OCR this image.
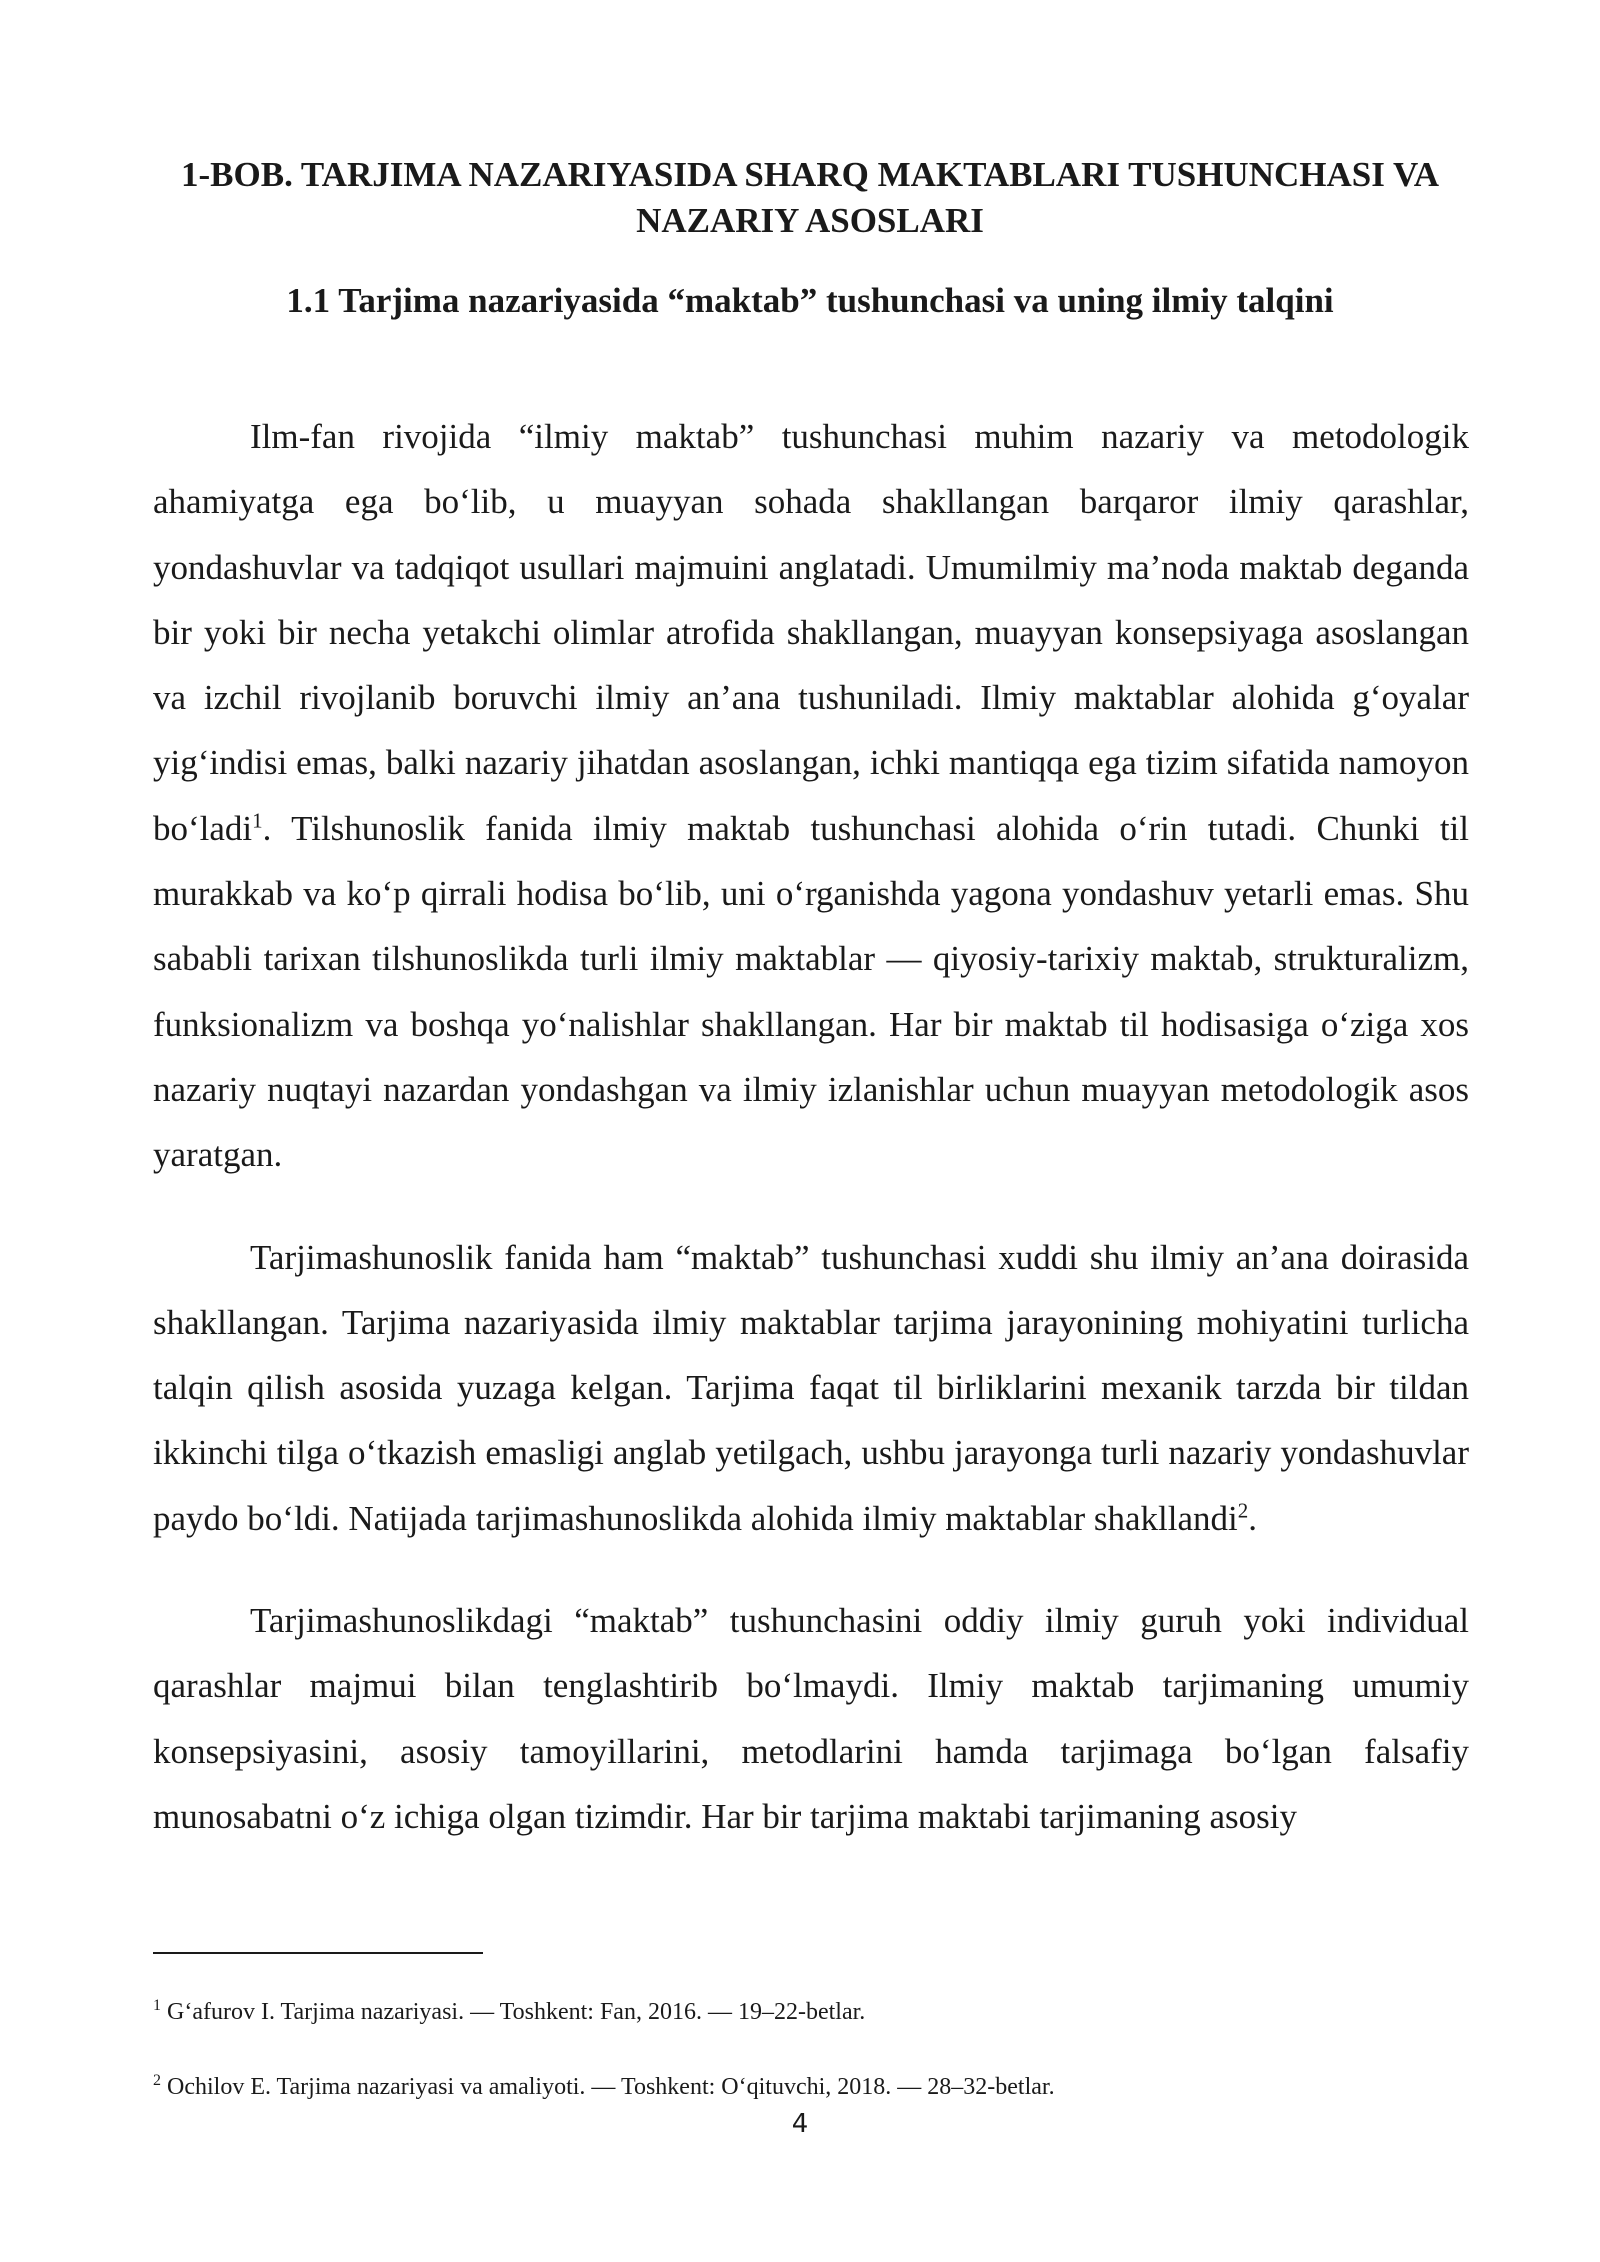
1-BOB. TARJIMA NAZARIYASIDA SHARQ MAKTABLARI TUSHUNCHASI VA NAZARIY ASOSLARI
1.1 Tarjima nazariyasida “maktab” tushunchasi va uning ilmiy talqini

Ilm-fan rivojida “ilmiy maktab” tushunchasi muhim nazariy va metodologik ahamiyatga ega boʻlib, u muayyan sohada shakllangan barqaror ilmiy qarashlar, yondashuvlar va tadqiqot usullari majmuini anglatadi. Umumilmiy ma’noda maktab deganda bir yoki bir necha yetakchi olimlar atrofida shakllangan, muayyan konsepsiyaga asoslangan va izchil rivojlanib boruvchi ilmiy an’ana tushuniladi. Ilmiy maktablar alohida gʻoyalar yigʻindisi emas, balki nazariy jihatdan asoslangan, ichki mantiqqa ega tizim sifatida namoyon boʻladi$^1$. Tilshunoslik fanida ilmiy maktab tushunchasi alohida oʻrin tutadi. Chunki til murakkab va koʻp qirrali hodisa boʻlib, uni oʻrganishda yagona yondashuv yetarli emas. Shu sababli tarixan tilshunoslikda turli ilmiy maktablar — qiyosiy-tarixiy maktab, strukturalizm, funksionalizm va boshqa yoʻnalishlar shakllangan. Har bir maktab til hodisasiga oʻziga xos nazariy nuqtayi nazardan yondashgan va ilmiy izlanishlar uchun muayyan metodologik asos yaratgan.

Tarjimashunoslik fanida ham “maktab” tushunchasi xuddi shu ilmiy an’ana doirasida shakllangan. Tarjima nazariyasida ilmiy maktablar tarjima jarayonining mohiyatini turlicha talqin qilish asosida yuzaga kelgan. Tarjima faqat til birliklarini mexanik tarzda bir tildan ikkinchi tilga oʻtkazish emasligi anglab yetilgach, ushbu jarayonga turli nazariy yondashuvlar paydo boʻldi. Natijada tarjimashunoslikda alohida ilmiy maktablar shakllandi$^2$.

Tarjimashunoslikdagi “maktab” tushunchasini oddiy ilmiy guruh yoki individual qarashlar majmui bilan tenglashtirib boʻlmaydi. Ilmiy maktab tarjimaning umumiy konsepsiyasini, asosiy tamoyillarini, metodlarini hamda tarjimaga boʻlgan falsafiy munosabatni oʻz ichiga olgan tizimdir. Har bir tarjima maktabi tarjimaning asosiy

$^1$ Gʻafurov I. Tarjima nazariyasi. — Toshkent: Fan, 2016. — 19–22-betlar.

$^2$ Ochilov E. Tarjima nazariyasi va amaliyoti. — Toshkent: Oʻqituvchi, 2018. — 28–32-betlar.

4
